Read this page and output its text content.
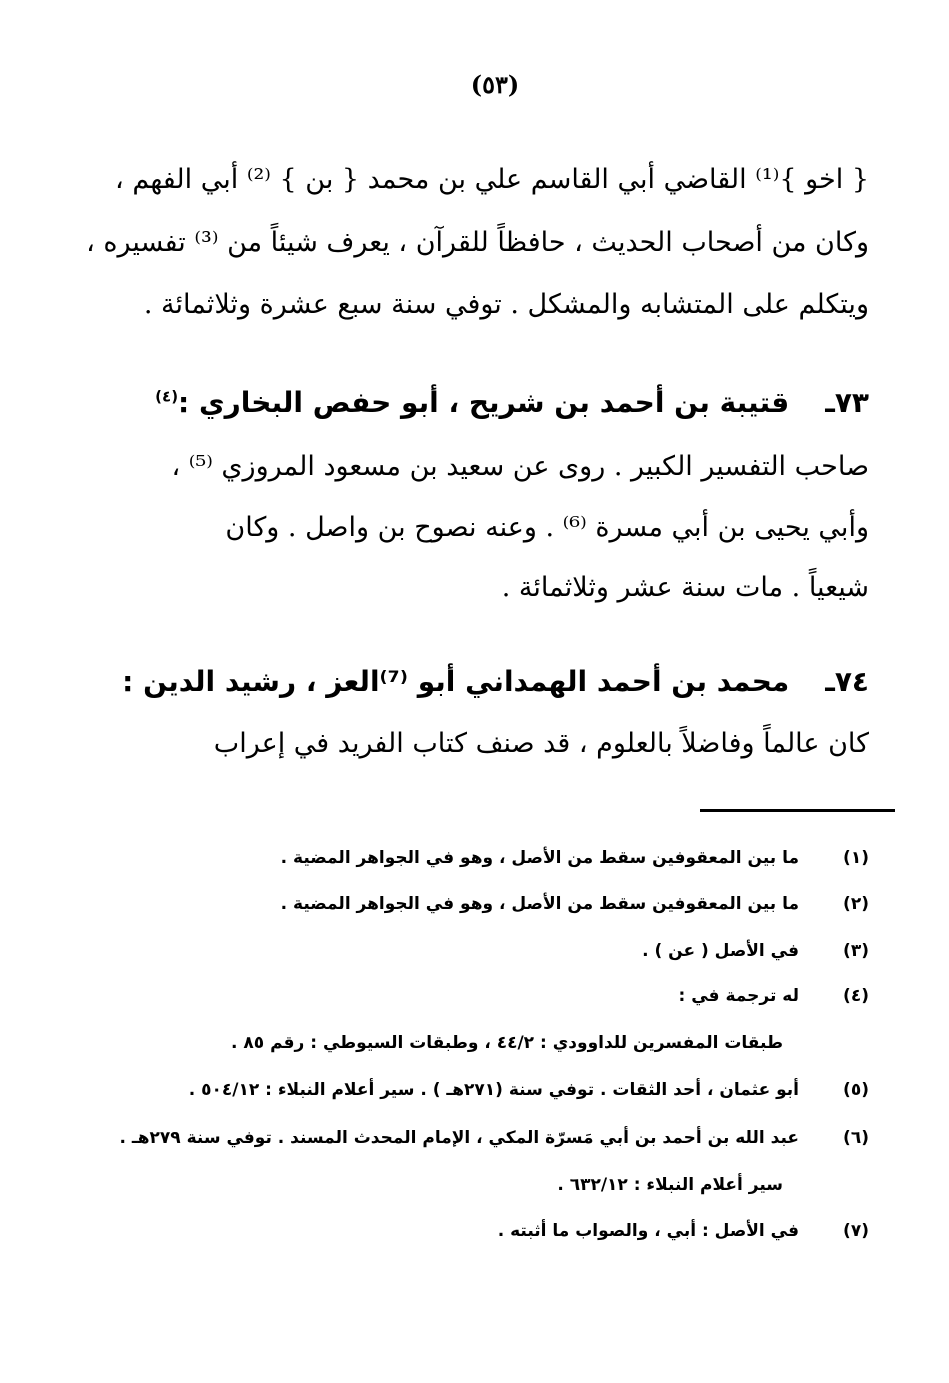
(٥٣)
{ اخو }⁽¹⁾ القاضي أبي القاسم علي بن محمد { بن } ⁽²⁾ أبي الفهم ،
وكان من أصحاب الحديث ، حافظاً للقرآن ، يعرف شيئاً من ⁽³⁾ تفسيره ،
ويتكلم على المتشابه والمشكل . توفي سنة سبع عشرة وثلاثمائة .
٧٣ـقتيبة بن أحمد بن شريح ، أبو حفص البخاري :$^{(٤)}$
صاحب التفسير الكبير . روى عن سعيد بن مسعود المروزي ⁽⁵⁾ ،
وأبي يحيى بن أبي مسرة ⁽⁶⁾ . وعنه نصوح بن واصل . وكان
شيعياً . مات سنة عشر وثلاثمائة .
٧٤ـمحمد بن أحمد الهمداني أبو ⁽⁷⁾العز ، رشيد الدين :
كان عالماً وفاضلاً بالعلوم ، قد صنف كتاب الفريد في إعراب
(١)ما بين المعقوفين سقط من الأصل ، وهو في الجواهر المضية .
(٢)ما بين المعقوفين سقط من الأصل ، وهو في الجواهر المضية .
(٣)في الأصل ( عن ) .
(٤)له ترجمة في :
طبقات المفسرين للداوودي : ٤٤/٢ ، وطبقات السيوطي : رقم ٨٥ .
(٥)أبو عثمان ، أحد الثقات . توفي سنة (٢٧١هـ ) . سير أعلام النبلاء : ٥٠٤/١٢ .
(٦)عبد الله بن أحمد بن أبي مَسرّة المكي ، الإمام المحدث المسند . توفي سنة ٢٧٩هـ .
سير أعلام النبلاء : ٦٣٢/١٢ .
(٧)في الأصل : أبي ، والصواب ما أثبته .
